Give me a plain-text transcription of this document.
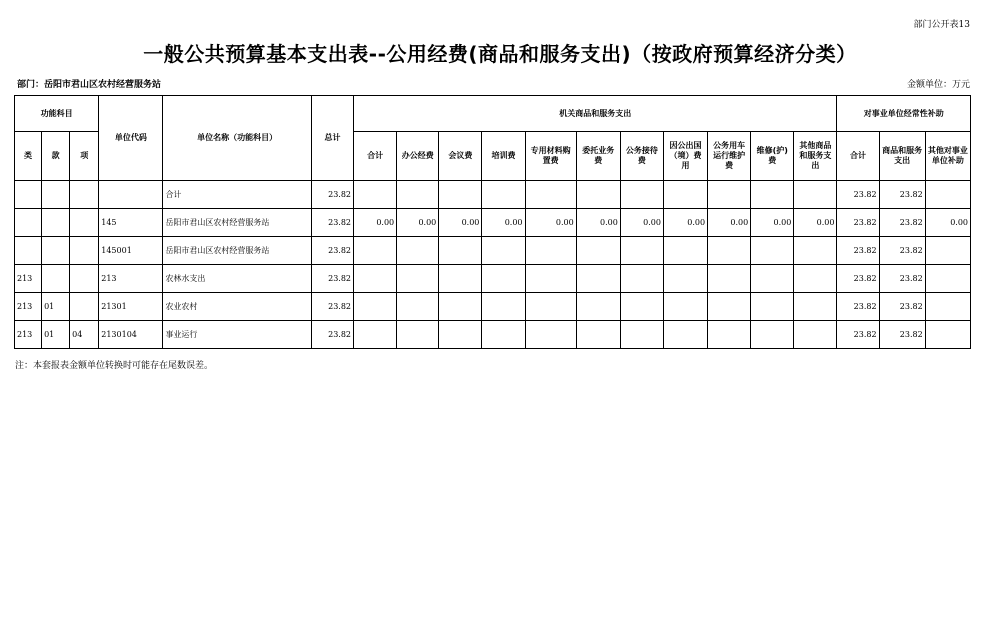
部门公开表13
一般公共预算基本支出表--公用经费(商品和服务支出)（按政府预算经济分类）
部门：岳阳市君山区农村经营服务站	金额单位：万元
功能科目			单位代码	单位名称（功能科目）	总计	机关商品和服务支出											对事业单位经常性补助		
类	款	项				合计	办公经费	会议费	培训费	专用材料购置费	委托业务费	公务接待费	因公出国（境）费用	公务用车运行维护费	维修(护)费	其他商品和服务支出	合计	商品和服务支出	其他对事业单位补助
				合计	23.82												23.82	23.82	
			145	岳阳市君山区农村经营服务站	23.82	0.00	0.00	0.00	0.00	0.00	0.00	0.00	0.00	0.00	0.00	0.00	23.82	23.82	0.00
			145001	岳阳市君山区农村经营服务站	23.82												23.82	23.82	
213			213	农林水支出	23.82												23.82	23.82	
213	01		21301	农业农村	23.82												23.82	23.82	
213	01	04	2130104	事业运行	23.82												23.82	23.82	
注：本套报表金额单位转换时可能存在尾数误差。
